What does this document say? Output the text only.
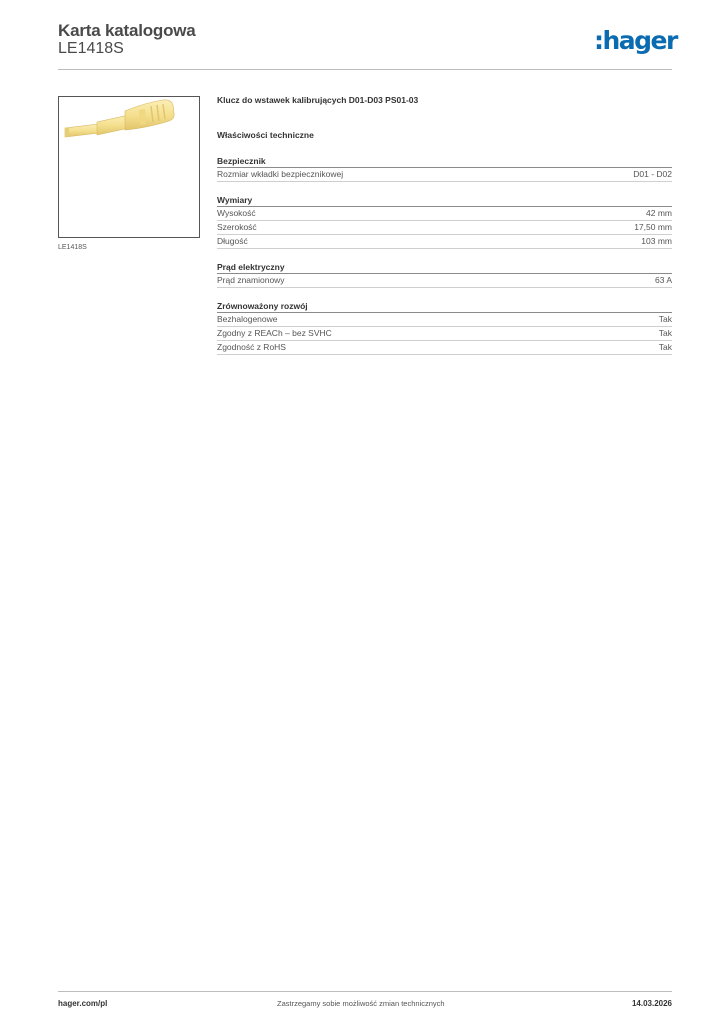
Karta katalogowa
LE1418S	:hager
LE1418S
Klucz do wstawek kalibrujących D01-D03 PS01-03
Właściwości techniczne
Bezpiecznik
Rozmiar wkładki bezpiecznikowej	D01 - D02
Wymiary
Wysokość	42 mm
Szerokość	17,50 mm
Długość	103 mm
Prąd elektryczny
Prąd znamionowy	63 A
Zrównoważony rozwój
Bezhalogenowe	Tak
Zgodny z REACh – bez SVHC	Tak
Zgodność z RoHS	Tak
hager.com/pl	Zastrzegamy sobie możliwość zmian technicznych	14.03.2026
